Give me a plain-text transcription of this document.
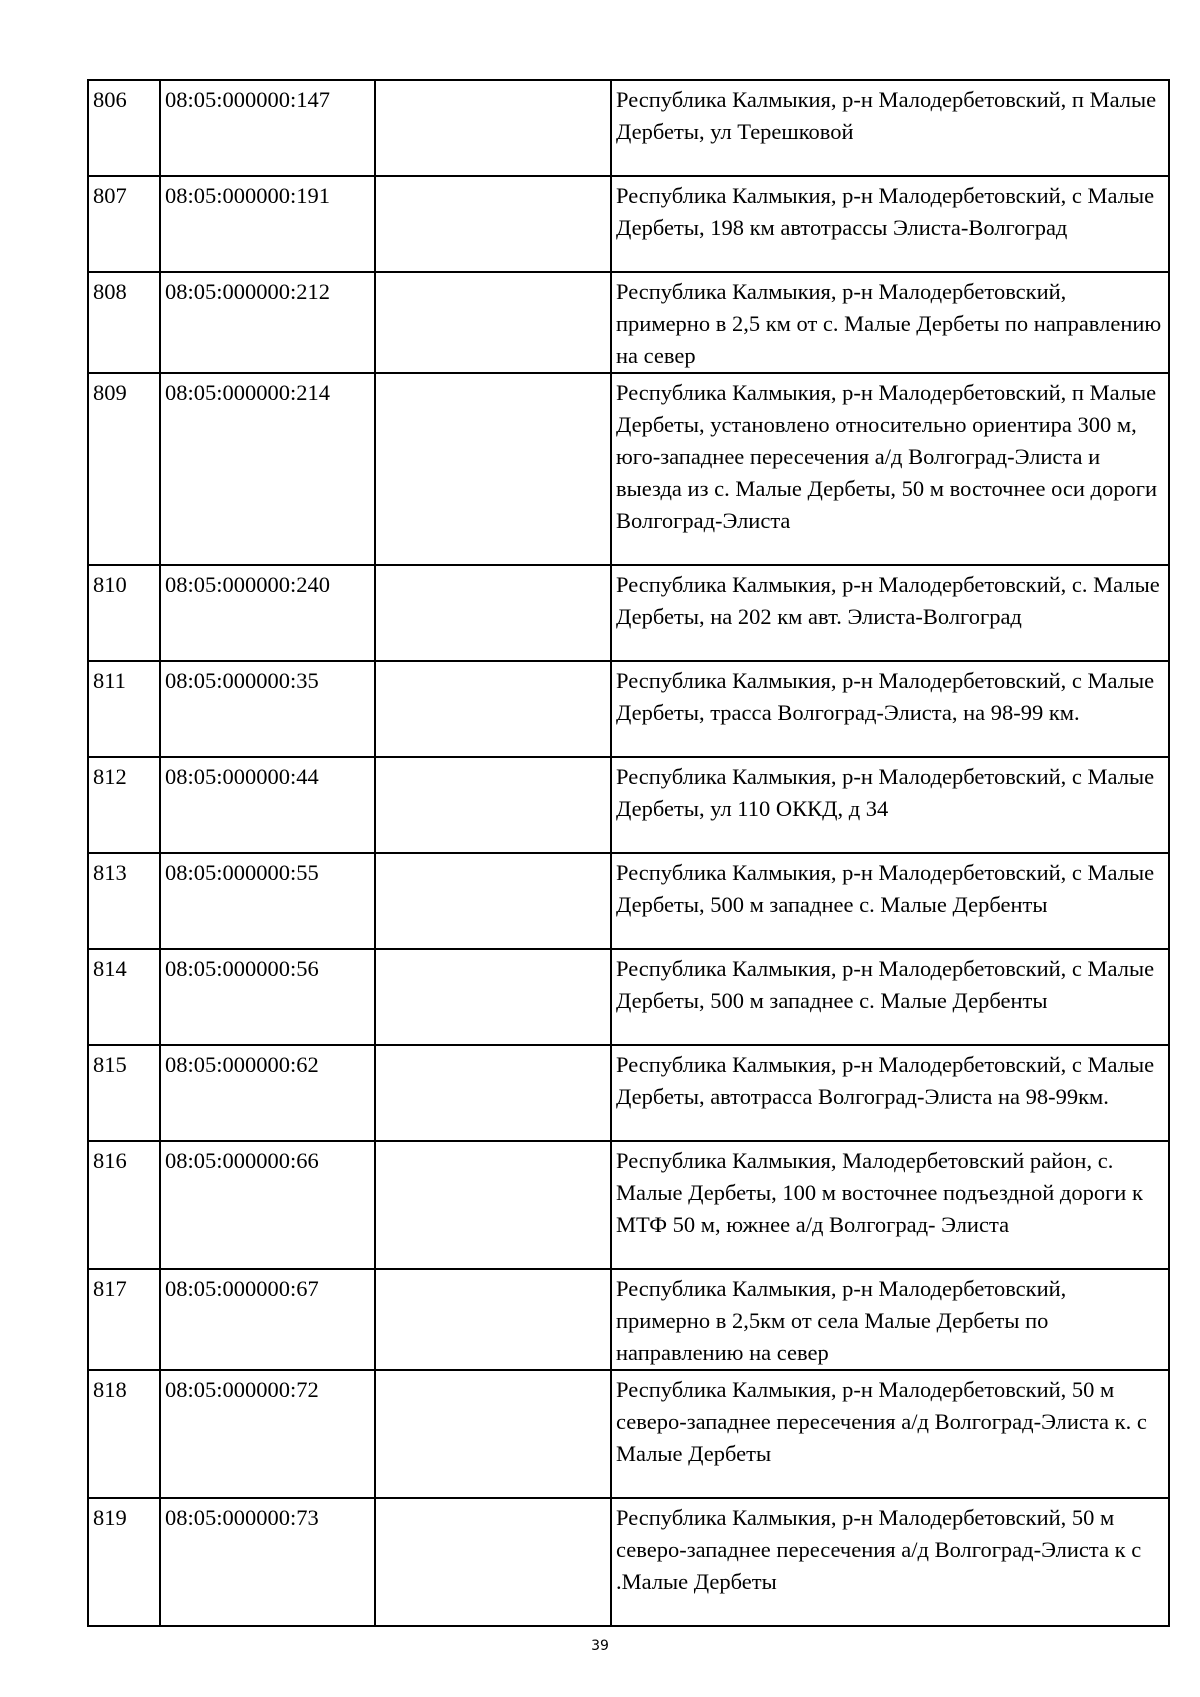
806	08:05:000000:147		Республика Калмыкия, р-н Малодербетовский, п Малые Дербеты, ул Терешковой
807	08:05:000000:191		Республика Калмыкия, р-н Малодербетовский, с Малые Дербеты, 198 км автотрассы Элиста-Волгоград
808	08:05:000000:212		Республика Калмыкия, р-н Малодербетовский, примерно в 2,5 км от с. Малые Дербеты по направлению на север
809	08:05:000000:214		Республика Калмыкия, р-н Малодербетовский, п Малые Дербеты, установлено относительно ориентира 300 м, юго-западнее пересечения а/д Волгоград-Элиста и выезда из с. Малые Дербеты, 50 м восточнее оси дороги Волгоград-Элиста
810	08:05:000000:240		Республика Калмыкия, р-н Малодербетовский, с. Малые Дербеты, на 202 км авт. Элиста-Волгоград
811	08:05:000000:35		Республика Калмыкия, р-н Малодербетовский, с Малые Дербеты, трасса Волгоград-Элиста, на 98-99 км.
812	08:05:000000:44		Республика Калмыкия, р-н Малодербетовский, с Малые Дербеты, ул 110 ОККД, д 34
813	08:05:000000:55		Республика Калмыкия, р-н Малодербетовский, с Малые Дербеты, 500 м западнее с. Малые Дербенты
814	08:05:000000:56		Республика Калмыкия, р-н Малодербетовский, с Малые Дербеты, 500 м западнее с. Малые Дербенты
815	08:05:000000:62		Республика Калмыкия, р-н Малодербетовский, с Малые Дербеты, автотрасса Волгоград-Элиста на 98-99км.
816	08:05:000000:66		Республика Калмыкия, Малодербетовский район, с. Малые Дербеты, 100 м восточнее подъездной дороги к МТФ 50 м, южнее а/д Волгоград- Элиста
817	08:05:000000:67		Республика Калмыкия, р-н Малодербетовский, примерно в 2,5км от села Малые Дербеты по направлению на север
818	08:05:000000:72		Республика Калмыкия, р-н Малодербетовский, 50 м северо-западнее пересечения а/д Волгоград-Элиста к. с Малые Дербеты
819	08:05:000000:73		Республика Калмыкия, р-н Малодербетовский, 50 м северо-западнее пересечения а/д Волгоград-Элиста к с .Малые Дербеты
39
